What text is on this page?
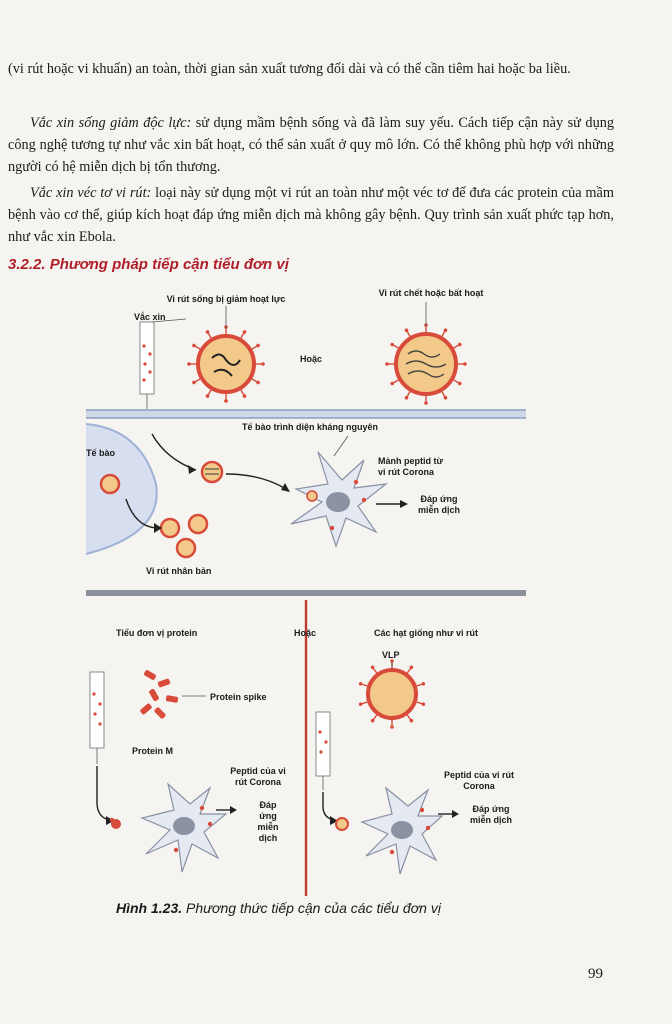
(vi rút hoặc vi khuẩn) an toàn, thời gian sản xuất tương đối dài và có thể cần tiêm hai hoặc ba liều.

Vắc xin sống giảm độc lực: sử dụng mầm bệnh sống và đã làm suy yếu. Cách tiếp cận này sử dụng công nghệ tương tự như vắc xin bất hoạt, có thể sản xuất ở quy mô lớn. Có thể không phù hợp với những người có hệ miễn dịch bị tổn thương.

Vắc xin véc tơ vi rút: loại này sử dụng một vi rút an toàn như một véc tơ để đưa các protein của mầm bệnh vào cơ thể, giúp kích hoạt đáp ứng miễn dịch mà không gây bệnh. Quy trình sản xuất phức tạp hơn, như vắc xin Ebola.

3.2.2. Phương pháp tiếp cận tiểu đơn vị
Vi rút sống bị giảm hoạt lực
Vi rút chết hoặc bất hoạt
Vắc xin
Hoặc
Tế bào trình diện kháng nguyên
Tế bào
Mảnh peptid từ
vi rút Corona
Đáp ứng
miễn dịch
Vi rút nhân bản
Tiểu đơn vị protein	Hoặc	Các hạt giống như vi rút
VLP
Protein spike
Protein M
Peptid của vi
rút Corona
Đáp
ứng
miễn
dịch
Peptid của vi rút
Corona
Đáp ứng
miễn dịch
Hình 1.23. Phương thức tiếp cận của các tiểu đơn vị
99
